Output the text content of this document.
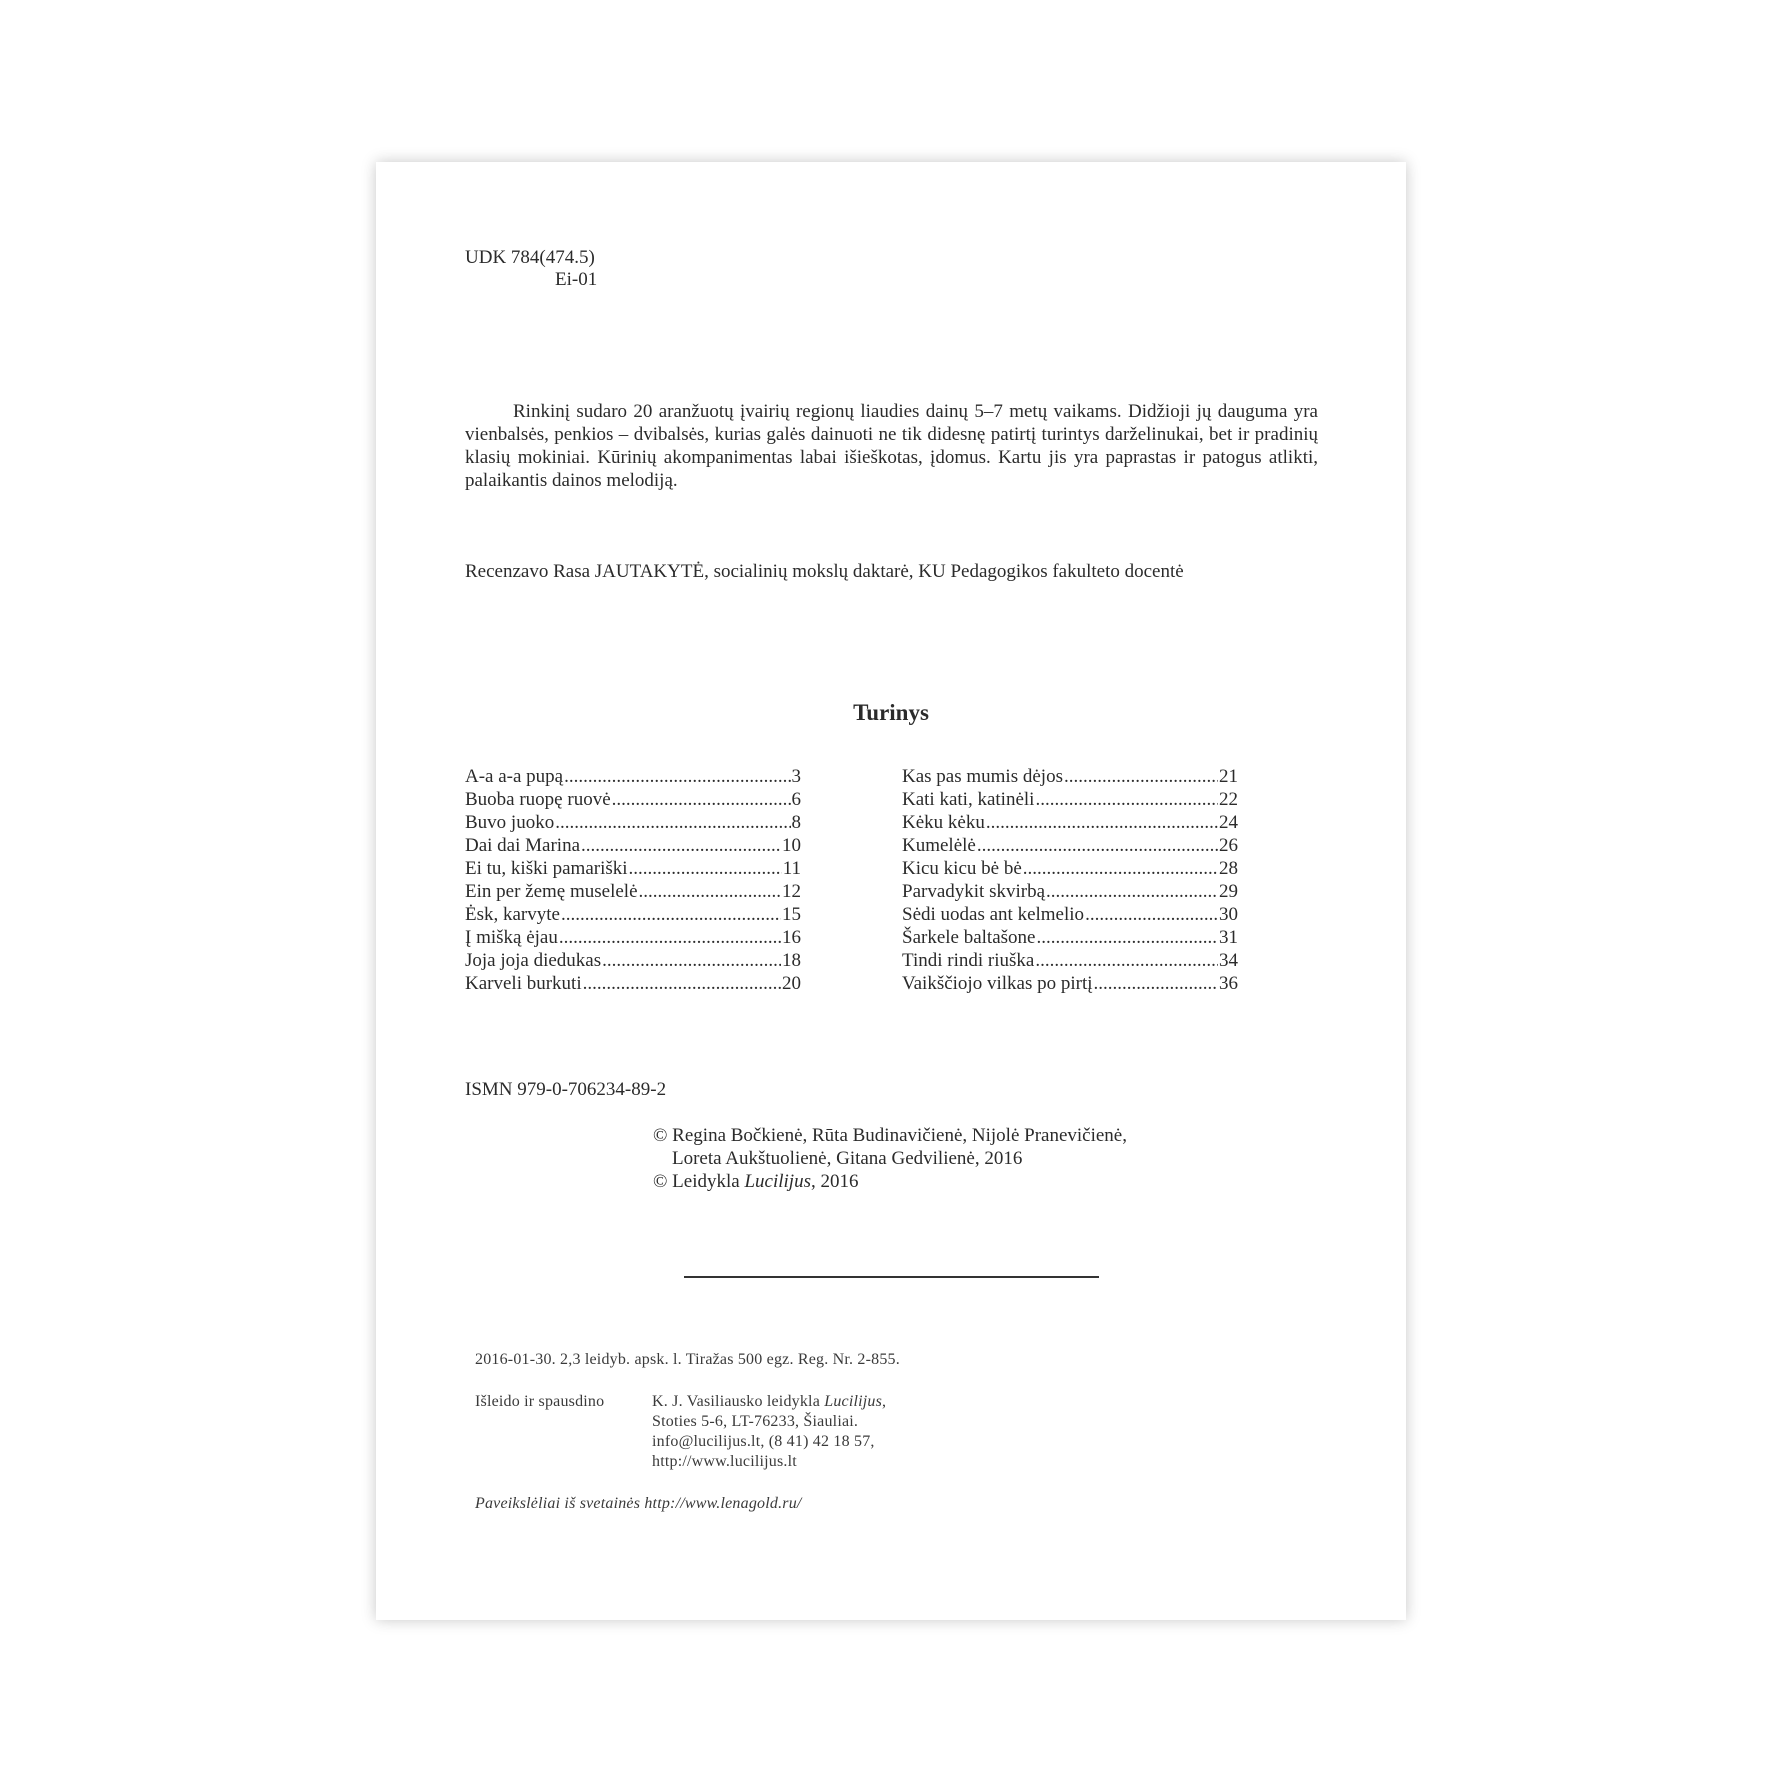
UDK 784(474.5)
Ei-01
Rinkinį sudaro 20 aranžuotų įvairių regionų liaudies dainų 5–7 metų vaikams. Didžioji jų dauguma yra vienbalsės, penkios – dvibalsės, kurias galės dainuoti ne tik didesnę patirtį turintys darželinukai, bet ir pradinių klasių mokiniai. Kūrinių akompanimentas labai išieškotas, įdomus. Kartu jis yra paprastas ir patogus atlikti, palaikantis dainos melodiją.
Recenzavo Rasa JAUTAKYTĖ, socialinių mokslų daktarė, KU Pedagogikos fakulteto docentė
Turinys
A-a a-a pupą .....	3
Buoba ruopę ruovė .....	6
Buvo juoko .....	8
Dai dai Marina .....	10
Ei tu, kiški pamariški .....	11
Ein per žemę muselelė .....	12
Ėsk, karvyte .....	15
Į mišką ėjau .....	16
Joja joja diedukas .....	18
Karveli burkuti .....	20
Kas pas mumis dėjos .....	21
Kati kati, katinėli .....	22
Kėku kėku .....	24
Kumelėlė .....	26
Kicu kicu bė bė .....	28
Parvadykit skvirbą .....	29
Sėdi uodas ant kelmelio .....	30
Šarkele baltašone .....	31
Tindi rindi riuška .....	34
Vaikščiojo vilkas po pirtį .....	36
ISMN 979-0-706234-89-2
© Regina Bočkienė, Rūta Budinavičienė, Nijolė Pranevičienė,
Loreta Aukštuolienė, Gitana Gedvilienė, 2016
© Leidykla Lucilijus, 2016
2016-01-30. 2,3 leidyb. apsk. l. Tiražas 500 egz. Reg. Nr. 2-855.
Išleido ir spausdino	K. J. Vasiliausko leidykla Lucilijus,
Stoties 5-6, LT-76233, Šiauliai.
info@lucilijus.lt, (8 41) 42 18 57,
http://www.lucilijus.lt
Paveikslėliai iš svetainės http://www.lenagold.ru/
